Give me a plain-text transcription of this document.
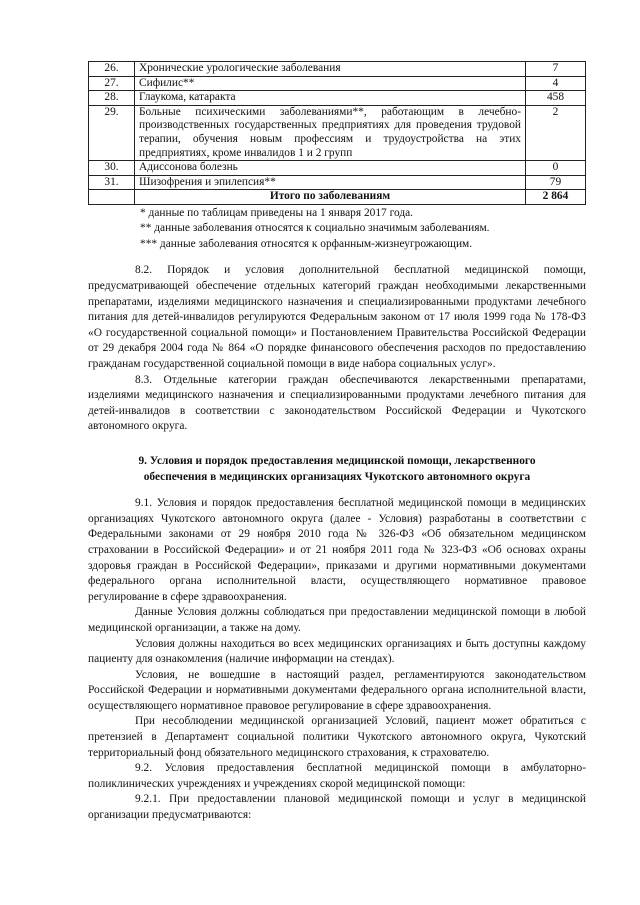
26.	Хронические урологические заболевания	7
27.	Сифилис**	4
28.	Глаукома, катаракта	458
29.	Больные психическими заболеваниями**, работающим в лечебно-производственных государственных предприятиях для проведения трудовой терапии, обучения новым профессиям и трудоустройства на этих предприятиях, кроме инвалидов 1 и 2 групп	2
30.	Адиссонова болезнь	0
31.	Шизофрения и эпилепсия**	79
	Итого по заболеваниям	2 864
* данные по таблицам приведены на 1 января 2017 года.
** данные заболевания относятся к социально значимым заболеваниям.
*** данные заболевания относятся к орфанным-жизнеугрожающим.

8.2. Порядок и условия дополнительной бесплатной медицинской помощи, предусматривающей обеспечение отдельных категорий граждан необходимыми лекарственными препаратами, изделиями медицинского назначения и специализированными продуктами лечебного питания для детей-инвалидов регулируются Федеральным законом от 17 июля 1999 года № 178-ФЗ «О государственной социальной помощи» и Постановлением Правительства Российской Федерации от 29 декабря 2004 года № 864 «О порядке финансового обеспечения расходов по предоставлению гражданам государственной социальной помощи в виде набора социальных услуг».

8.3. Отдельные категории граждан обеспечиваются лекарственными препаратами, изделиями медицинского назначения и специализированными продуктами лечебного питания для детей-инвалидов в соответствии с законодательством Российской Федерации и Чукотского автономного округа.

9. Условия и порядок предоставления медицинской помощи, лекарственного
обеспечения в медицинских организациях Чукотского автономного округа

9.1. Условия и порядок предоставления бесплатной медицинской помощи в медицинских организациях Чукотского автономного округа (далее - Условия) разработаны в соответствии с Федеральными законами от 29 ноября 2010 года № 326-ФЗ «Об обязательном медицинском страховании в Российской Федерации» и от 21 ноября 2011 года № 323-ФЗ «Об основах охраны здоровья граждан в Российской Федерации», приказами и другими нормативными документами федерального органа исполнительной власти, осуществляющего нормативное правовое регулирование в сфере здравоохранения.

Данные Условия должны соблюдаться при предоставлении медицинской помощи в любой медицинской организации, а также на дому.

Условия должны находиться во всех медицинских организациях и быть доступны каждому пациенту для ознакомления (наличие информации на стендах).

Условия, не вошедшие в настоящий раздел, регламентируются законодательством Российской Федерации и нормативными документами федерального органа исполнительной власти, осуществляющего нормативное правовое регулирование в сфере здравоохранения.

При несоблюдении медицинской организацией Условий, пациент может обратиться с претензией в Департамент социальной политики Чукотского автономного округа, Чукотский территориальный фонд обязательного медицинского страхования, к страхователю.

9.2. Условия предоставления бесплатной медицинской помощи в амбулаторно-поликлинических учреждениях и учреждениях скорой медицинской помощи:

9.2.1. При предоставлении плановой медицинской помощи и услуг в медицинской организации предусматриваются:
